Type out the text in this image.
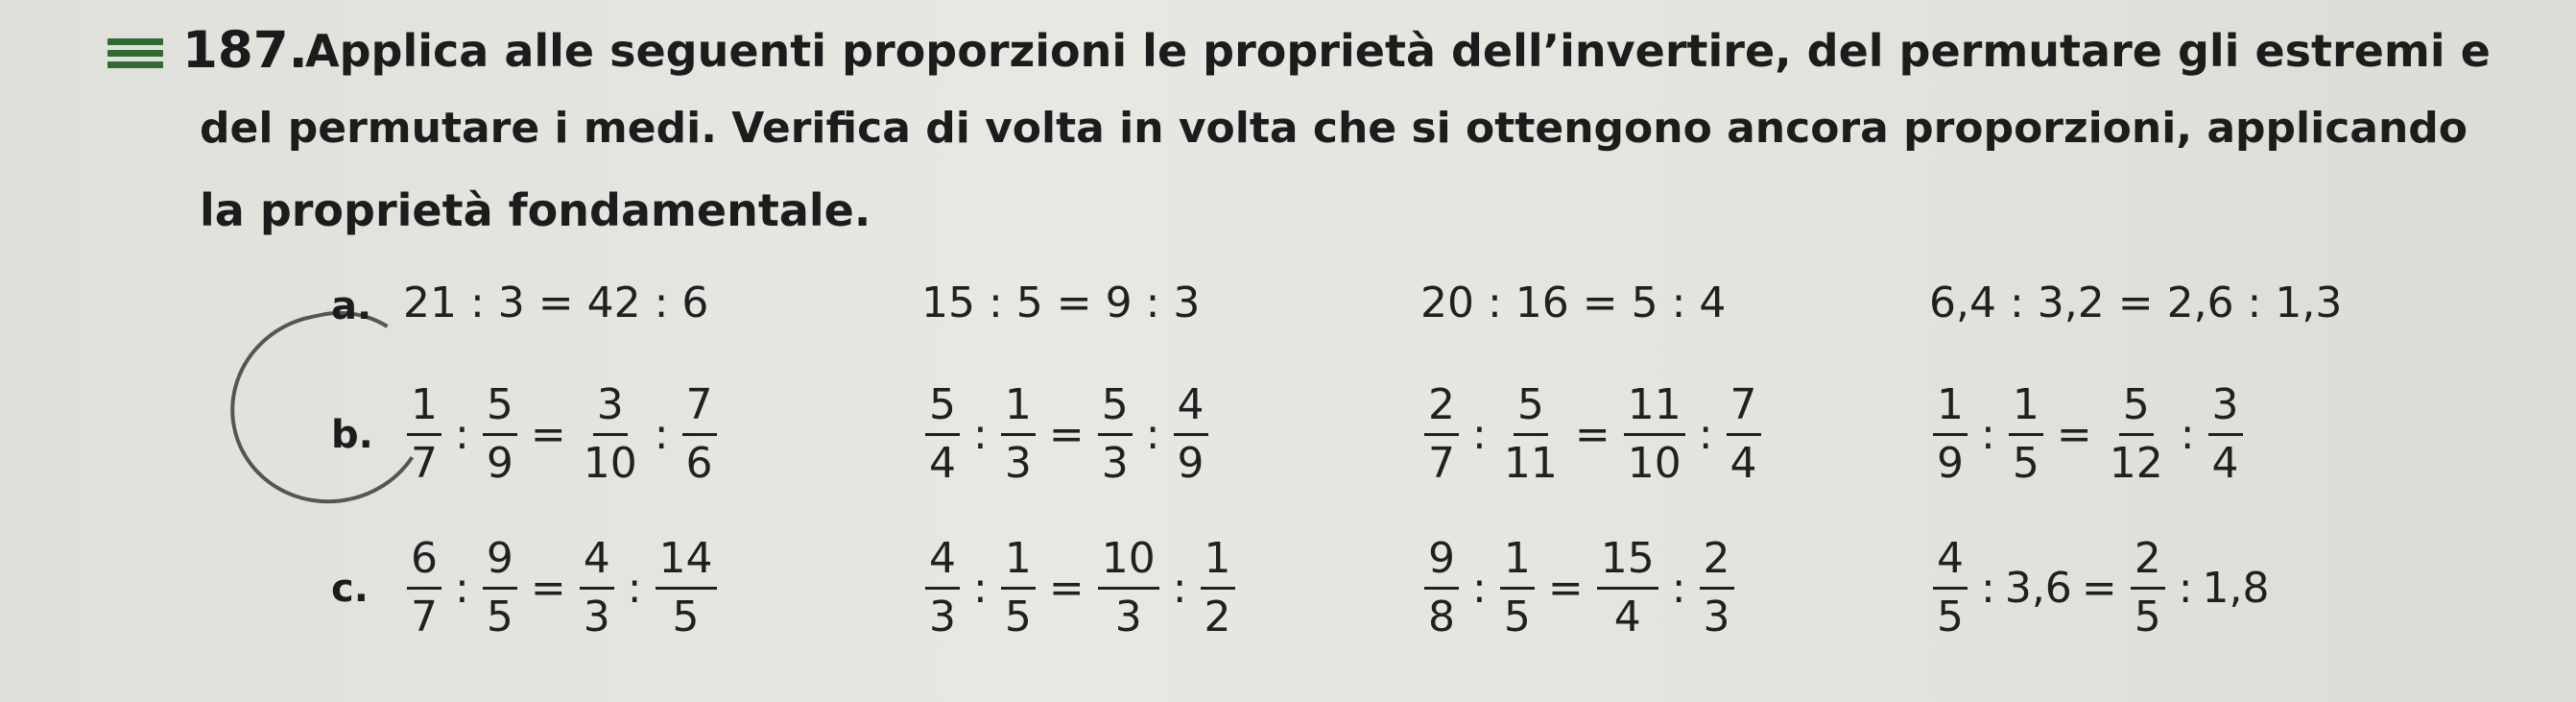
187.
Applica alle seguenti proporzioni le proprietà dell’invertire, del permutare gli estremi e
del permutare i medi. Verifica di volta in volta che si ottengono ancora proporzioni, applicando
la proprietà fondamentale.
a. 21 : 3 = 42 : 6	15 : 5 = 9 : 3	20 : 16 = 5 : 4	6,4 : 3,2 = 2,6 : 1,3
b. $\frac{1}{7}$ : $\frac{5}{9} = \frac{3}{10}$ : $\frac{7}{6}$	$\frac{5}{4}$ : $\frac{1}{3} = \frac{5}{3}$ : $\frac{4}{9}$	$\frac{2}{7}$ : $\frac{5}{11} = \frac{11}{10}$ : $\frac{7}{4}$	$\frac{1}{9}$ : $\frac{1}{5} = \frac{5}{12}$ : $\frac{3}{4}$
c. $\frac{6}{7}$ : $\frac{9}{5} = \frac{4}{3}$ : $\frac{14}{5}$	$\frac{4}{3}$ : $\frac{1}{5} = \frac{10}{3}$ : $\frac{1}{2}$	$\frac{9}{8}$ : $\frac{1}{5} = \frac{15}{4}$ : $\frac{2}{3}$	$\frac{4}{5}$ : $3,6 = \frac{2}{5}$ : 1,8
